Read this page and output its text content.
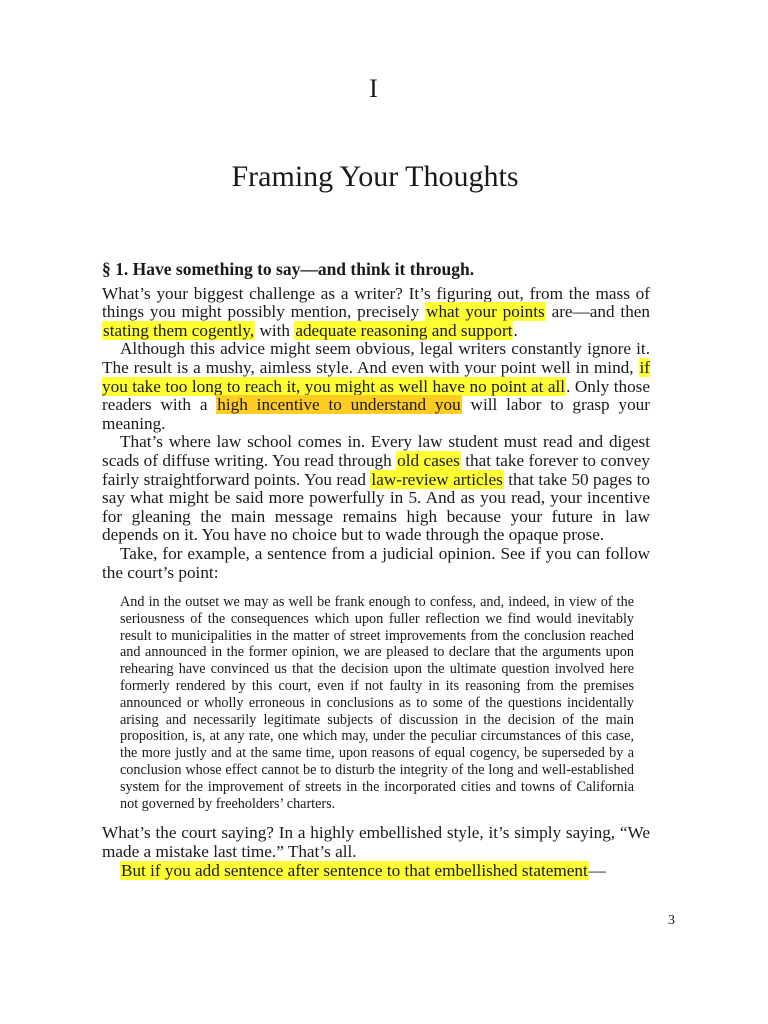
I
Framing Your Thoughts

§ 1. Have something to say—and think it through.

What’s your biggest challenge as a writer? It’s figuring out, from the mass of things you might possibly mention, precisely what your points are—and then stating them cogently, with adequate reasoning and support.

Although this advice might seem obvious, legal writers constantly ignore it. The result is a mushy, aimless style. And even with your point well in mind, if you take too long to reach it, you might as well have no point at all. Only those readers with a high incentive to understand you will labor to grasp your meaning.

That’s where law school comes in. Every law student must read and digest scads of diffuse writing. You read through old cases that take forever to convey fairly straightforward points. You read law-review articles that take 50 pages to say what might be said more powerfully in 5. And as you read, your incentive for gleaning the main message remains high because your future in law depends on it. You have no choice but to wade through the opaque prose.

Take, for example, a sentence from a judicial opinion. See if you can follow the court’s point:

And in the outset we may as well be frank enough to confess, and, indeed, in view of the seriousness of the consequences which upon fuller reflection we find would inevitably result to municipalities in the matter of street improvements from the conclusion reached and announced in the former opinion, we are pleased to declare that the arguments upon rehearing have convinced us that the decision upon the ultimate question involved here formerly rendered by this court, even if not faulty in its reasoning from the premises announced or wholly erroneous in conclusions as to some of the questions incidentally arising and necessarily legitimate subjects of discussion in the decision of the main proposition, is, at any rate, one which may, under the peculiar circumstances of this case, the more justly and at the same time, upon reasons of equal cogency, be superseded by a conclusion whose effect cannot be to disturb the integrity of the long and well-established system for the improvement of streets in the incorporated cities and towns of California not governed by freeholders’ charters.

What’s the court saying? In a highly embellished style, it’s simply saying, “We made a mistake last time.” That’s all.

But if you add sentence after sentence to that embellished statement—

3
